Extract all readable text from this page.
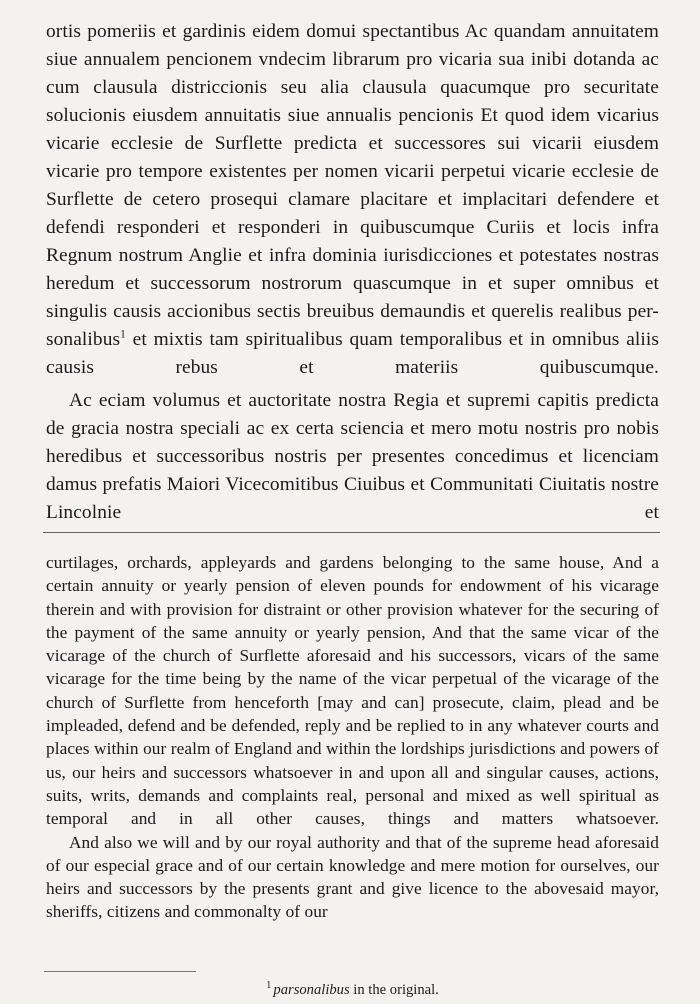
ortis pomeriis et gardinis eidem domui spectantibus Ac quandam annuitatem siue annualem pencionem vndecim librarum pro vicaria sua inibi dotanda ac cum clausula districcionis seu alia clausula quacumque pro securitate solucionis eiusdem annuitatis siue annualis pencionis Et quod idem vicarius vicarie ecclesie de Surflette predicta et successores sui vicarii eiusdem vicarie pro tempore existentes per nomen vicarii perpetui vicarie ecclesie de Surflette de cetero prosequi clamare placitare et implacitari defendere et defendi responderi et responderi in quibuscumque Curiis et locis infra Regnum nostrum Anglie et infra dominia iurisdicciones et potestates nostras heredum et successorum nostrorum quascumque in et super omnibus et singulis causis accionibus sectis breuibus demaundis et querelis realibus per-sonalibus$^1$ et mixtis tam spiritualibus quam temporalibus et in omnibus aliis causis rebus et materiis quibuscumque.

Ac eciam volumus et auctoritate nostra Regia et supremi capitis predicta de gracia nostra speciali ac ex certa sciencia et mero motu nostris pro nobis heredibus et successoribus nostris per presentes concedimus et licenciam damus prefatis Maiori Vicecomitibus Ciuibus et Communitati Ciuitatis nostre Lincolnie et

curtilages, orchards, appleyards and gardens belonging to the same house, And a certain annuity or yearly pension of eleven pounds for endowment of his vicarage therein and with provision for distraint or other provision whatever for the securing of the payment of the same annuity or yearly pension, And that the same vicar of the vicarage of the church of Surflette aforesaid and his successors, vicars of the same vicarage for the time being by the name of the vicar perpetual of the vicarage of the church of Surflette from henceforth [may and can] prosecute, claim, plead and be impleaded, defend and be defended, reply and be replied to in any whatever courts and places within our realm of England and within the lordships jurisdictions and powers of us, our heirs and successors whatsoever in and upon all and singular causes, actions, suits, writs, demands and complaints real, personal and mixed as well spiritual as temporal and in all other causes, things and matters whatsoever.

And also we will and by our royal authority and that of the supreme head aforesaid of our especial grace and of our certain knowledge and mere motion for ourselves, our heirs and successors by the presents grant and give licence to the abovesaid mayor, sheriffs, citizens and commonalty of our

$^1$ parsonalibus in the original.
